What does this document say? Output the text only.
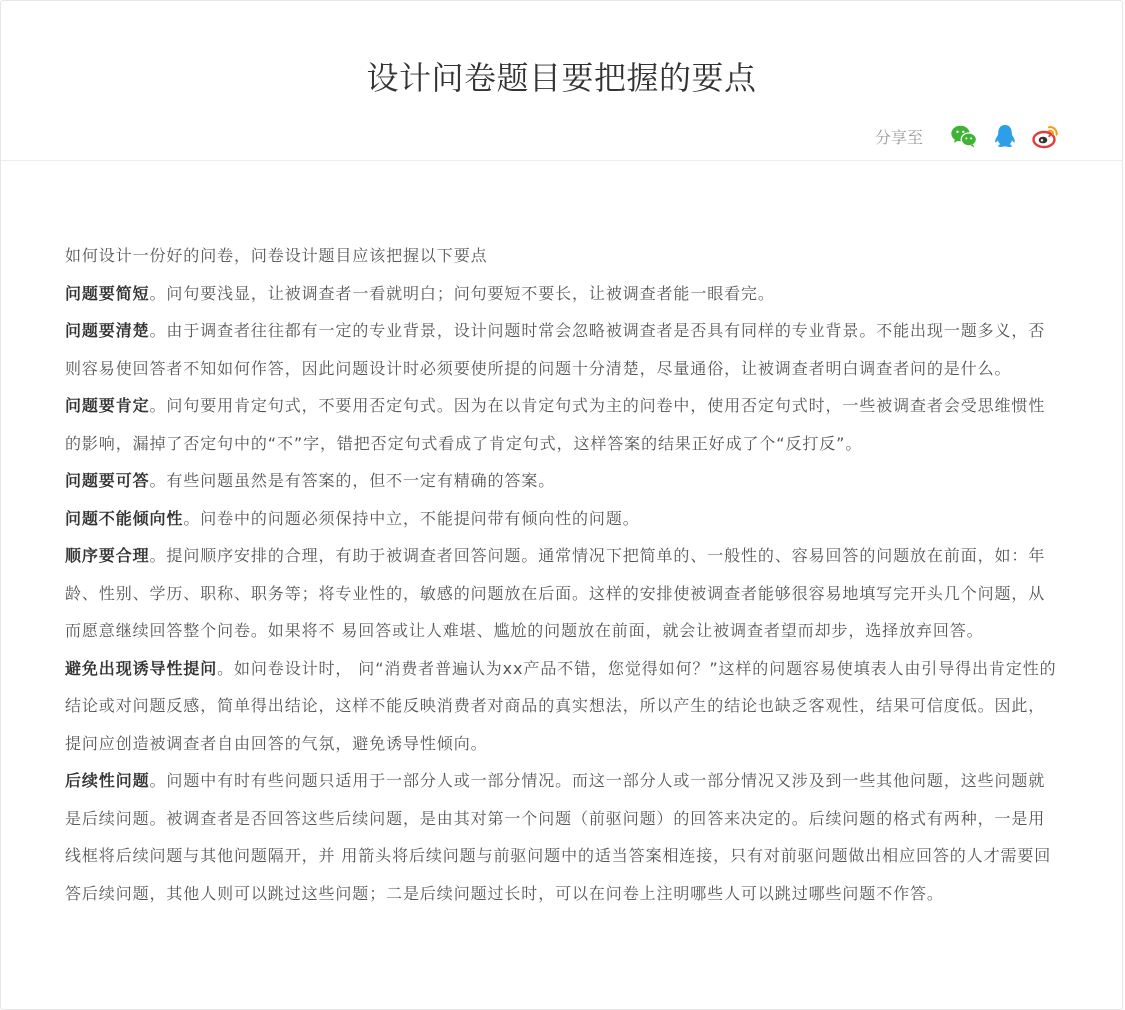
设计问卷题目要把握的要点
分享至

如何设计一份好的问卷，问卷设计题目应该把握以下要点

问题要简短。问句要浅显，让被调查者一看就明白；问句要短不要长，让被调查者能一眼看完。

问题要清楚。由于调查者往往都有一定的专业背景，设计问题时常会忽略被调查者是否具有同样的专业背景。不能出现一题多义，否则容易使回答者不知如何作答，因此问题设计时必须要使所提的问题十分清楚，尽量通俗，让被调查者明白调查者问的是什么。

问题要肯定。问句要用肯定句式，不要用否定句式。因为在以肯定句式为主的问卷中，使用否定句式时，一些被调查者会受思维惯性的影响，漏掉了否定句中的“不”字，错把否定句式看成了肯定句式，这样答案的结果正好成了个“反打反”。

问题要可答。有些问题虽然是有答案的，但不一定有精确的答案。

问题不能倾向性。问卷中的问题必须保持中立，不能提问带有倾向性的问题。

顺序要合理。提问顺序安排的合理，有助于被调查者回答问题。通常情况下把简单的、一般性的、容易回答的问题放在前面，如：年龄、性别、学历、职称、职务等；将专业性的，敏感的问题放在后面。这样的安排使被调查者能够很容易地填写完开头几个问题，从而愿意继续回答整个问卷。如果将不 易回答或让人难堪、尴尬的问题放在前面，就会让被调查者望而却步，选择放弃回答。

避免出现诱导性提问。如问卷设计时， 问“消费者普遍认为xx产品不错，您觉得如何？”这样的问题容易使填表人由引导得出肯定性的结论或对问题反感，简单得出结论，这样不能反映消费者对商品的真实想法，所以产生的结论也缺乏客观性，结果可信度低。因此，提问应创造被调查者自由回答的气氛，避免诱导性倾向。

后续性问题。问题中有时有些问题只适用于一部分人或一部分情况。而这一部分人或一部分情况又涉及到一些其他问题，这些问题就是后续问题。被调查者是否回答这些后续问题，是由其对第一个问题（前驱问题）的回答来决定的。后续问题的格式有两种，一是用线框将后续问题与其他问题隔开，并 用箭头将后续问题与前驱问题中的适当答案相连接，只有对前驱问题做出相应回答的人才需要回答后续问题，其他人则可以跳过这些问题；二是后续问题过长时，可以在问卷上注明哪些人可以跳过哪些问题不作答。
